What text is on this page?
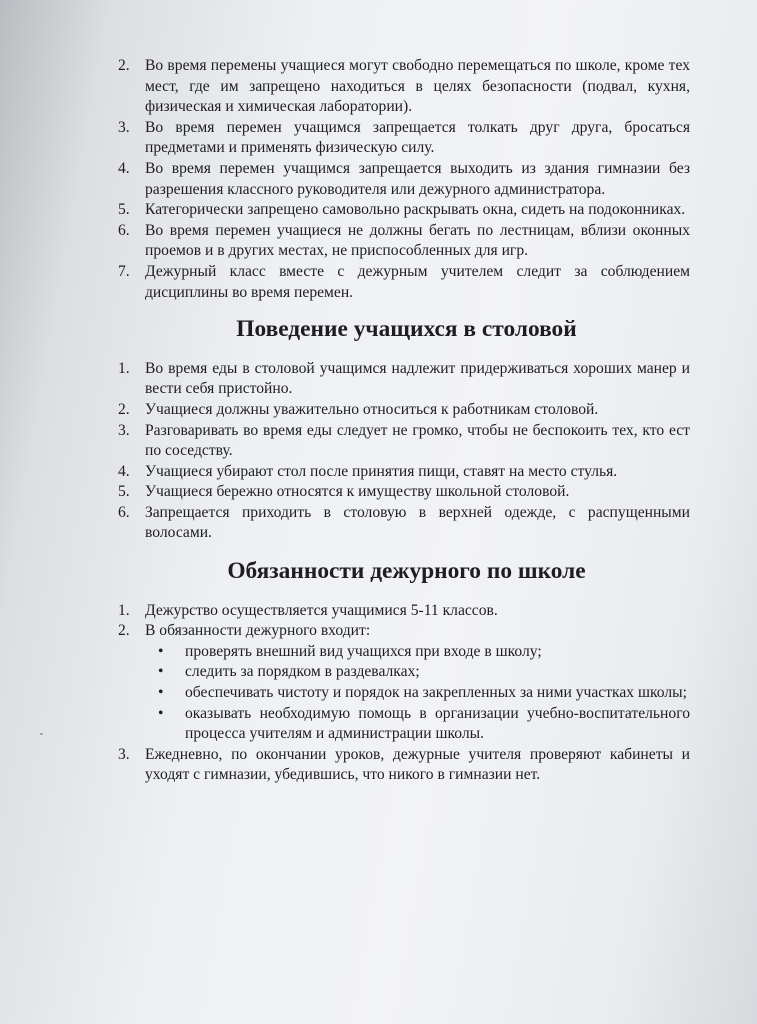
2. Во время перемены учащиеся могут свободно перемещаться по школе, кроме тех мест, где им запрещено находиться в целях безопасности (подвал, кухня, физическая и химическая лаборатории).
3. Во время перемен учащимся запрещается толкать друг друга, бросаться предметами и применять физическую силу.
4. Во время перемен учащимся запрещается выходить из здания гимназии без разрешения классного руководителя или дежурного администратора.
5. Категорически запрещено самовольно раскрывать окна, сидеть на подоконниках.
6. Во время перемен учащиеся не должны бегать по лестницам, вблизи оконных проемов и в других местах, не приспособленных для игр.
7. Дежурный класс вместе с дежурным учителем следит за соблюдением дисциплины во время перемен.
Поведение учащихся в столовой
1. Во время еды в столовой учащимся надлежит придерживаться хороших манер и вести себя пристойно.
2. Учащиеся должны уважительно относиться к работникам столовой.
3. Разговаривать во время еды следует не громко, чтобы не беспокоить тех, кто ест по соседству.
4. Учащиеся убирают стол после принятия пищи, ставят на место стулья.
5. Учащиеся бережно относятся к имуществу школьной столовой.
6. Запрещается приходить в столовую в верхней одежде, с распущенными волосами.
Обязанности дежурного по школе
1. Дежурство осуществляется учащимися 5-11 классов.
2. В обязанности дежурного входит:
• проверять внешний вид учащихся при входе в школу;
• следить за порядком в раздевалках;
• обеспечивать чистоту и порядок на закрепленных за ними участках школы;
• оказывать необходимую помощь в организации учебно-воспитательного процесса учителям и администрации школы.
3. Ежедневно, по окончании уроков, дежурные учителя проверяют кабинеты и уходят с гимназии, убедившись, что никого в гимназии нет.
